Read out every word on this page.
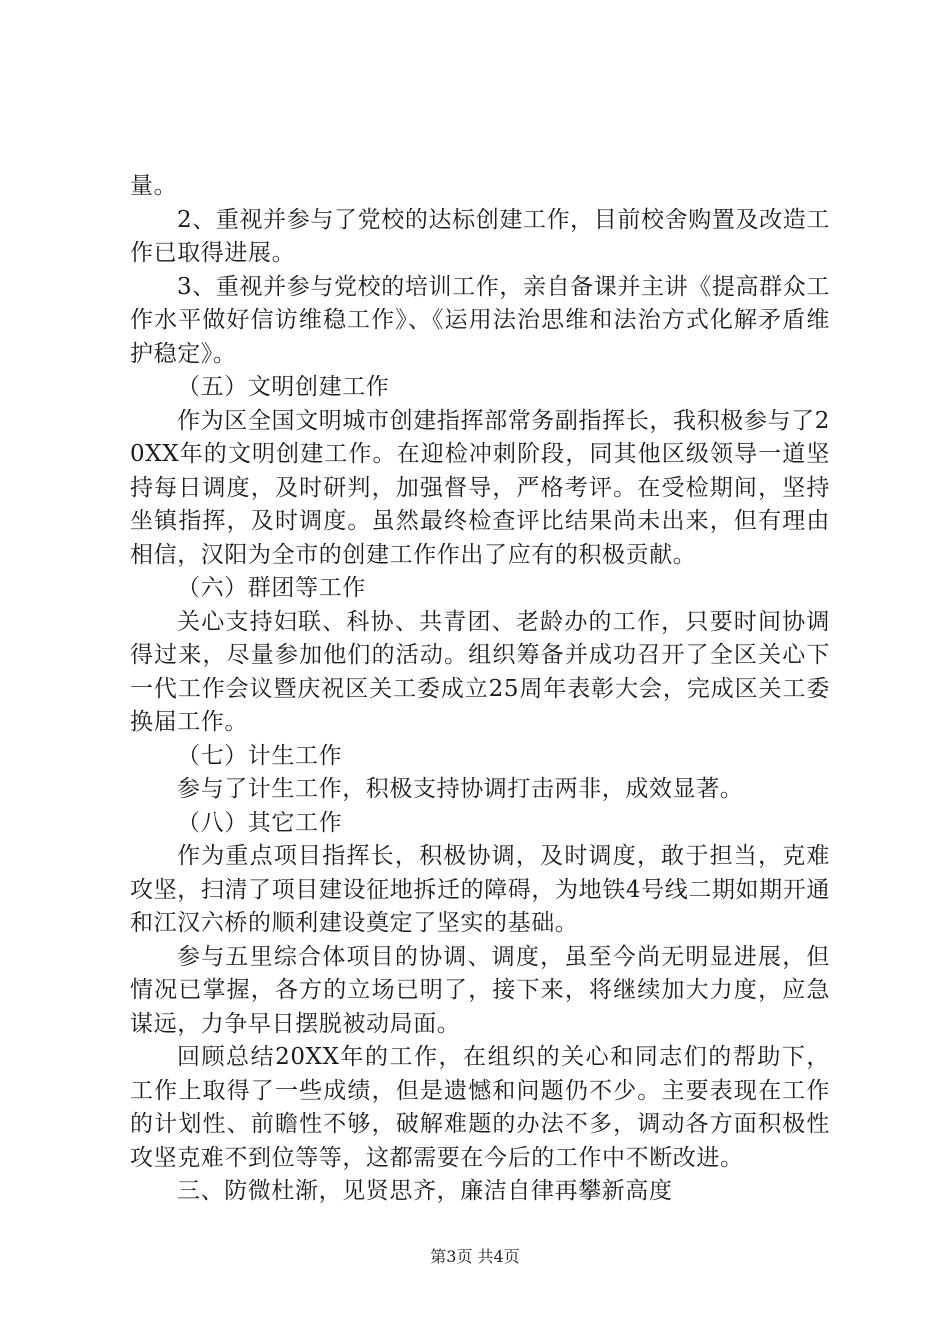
量。

2、重视并参与了党校的达标创建工作，目前校舍购置及改造工作已取得进展。

3、重视并参与党校的培训工作，亲自备课并主讲《提高群众工作水平做好信访维稳工作》、《运用法治思维和法治方式化解矛盾维护稳定》。

（五）文明创建工作

作为区全国文明城市创建指挥部常务副指挥长，我积极参与了20XX年的文明创建工作。在迎检冲刺阶段，同其他区级领导一道坚持每日调度，及时研判，加强督导，严格考评。在受检期间，坚持坐镇指挥，及时调度。虽然最终检查评比结果尚未出来，但有理由相信，汉阳为全市的创建工作作出了应有的积极贡献。

（六）群团等工作

关心支持妇联、科协、共青团、老龄办的工作，只要时间协调得过来，尽量参加他们的活动。组织筹备并成功召开了全区关心下一代工作会议暨庆祝区关工委成立25周年表彰大会，完成区关工委换届工作。

（七）计生工作

参与了计生工作，积极支持协调打击两非，成效显著。

（八）其它工作

作为重点项目指挥长，积极协调，及时调度，敢于担当，克难攻坚，扫清了项目建设征地拆迁的障碍，为地铁4号线二期如期开通和江汉六桥的顺利建设奠定了坚实的基础。

参与五里综合体项目的协调、调度，虽至今尚无明显进展，但情况已掌握，各方的立场已明了，接下来，将继续加大力度，应急谋远，力争早日摆脱被动局面。

回顾总结20XX年的工作，在组织的关心和同志们的帮助下，工作上取得了一些成绩，但是遗憾和问题仍不少。主要表现在工作的计划性、前瞻性不够，破解难题的办法不多，调动各方面积极性攻坚克难不到位等等，这都需要在今后的工作中不断改进。

三、防微杜渐，见贤思齐，廉洁自律再攀新高度

第3页 共4页
